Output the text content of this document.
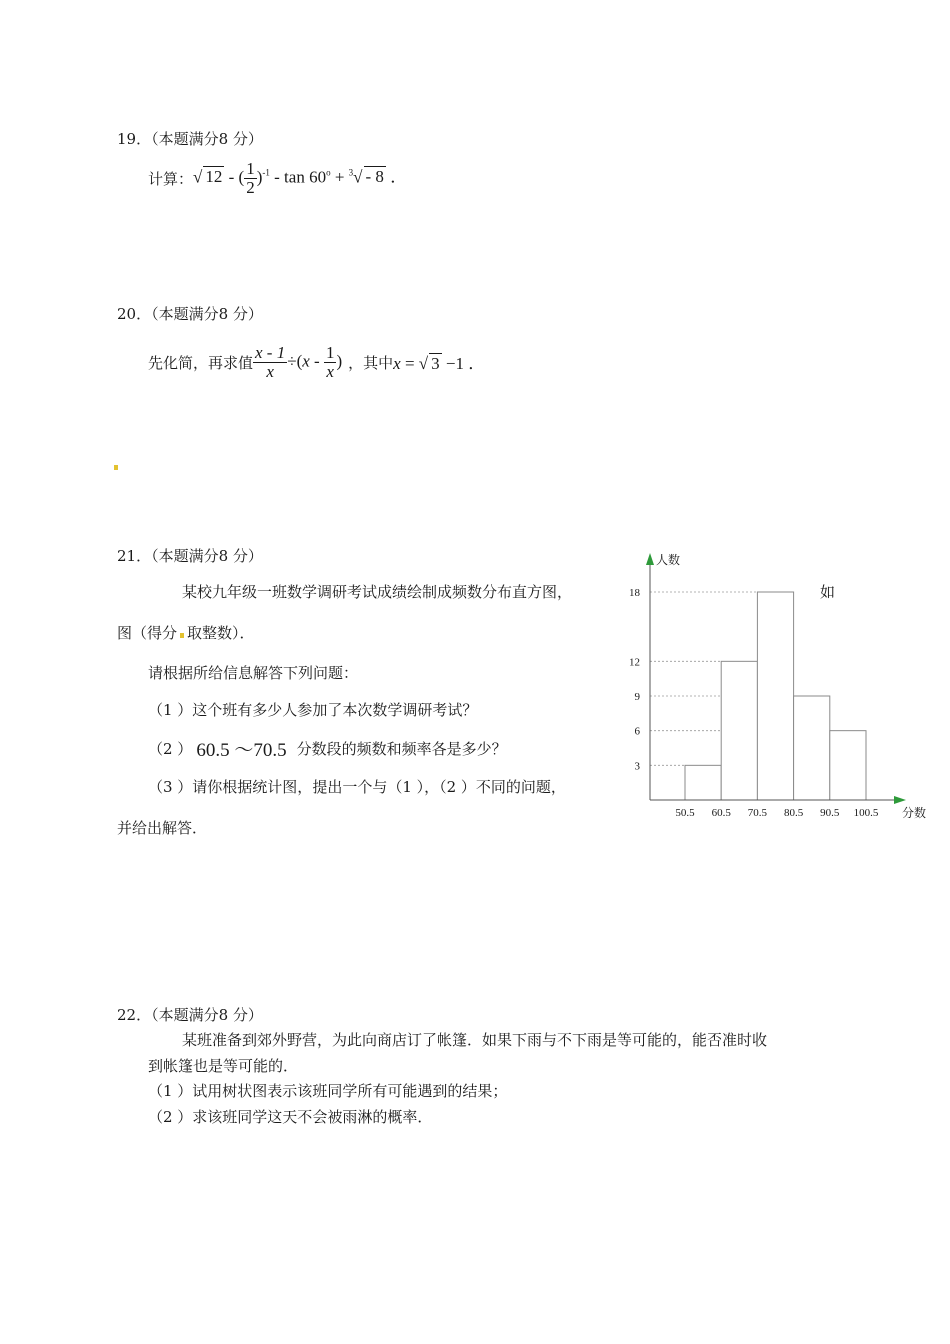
19．（本题满分8 分）
计算： √ 12 - ( $\frac{1}{2} )^{-1} - \tan 60^o + ^3√ - 8$ ．
20．（本题满分8 分）
先化简，再求值 $\frac{x - 1}{x} \div(x - \frac{1}{x}$ ) ，其中 x = √ 3 −1 ．
21．（本题满分8 分）
某校九年级一班数学调研考试成绩绘制成频数分布直方图，	如
图（得分 取整数）．
请根据所给信息解答下列问题：
（1 ）这个班有多少人参加了本次数学调研考试？
（2 ） 60.5 ～70.5 分数段的频数和频率各是多少？
（3 ）请你根据统计图，提出一个与（1 ），（2 ）不同的问题，
并给出解答．
3
6
9
12
18
50.5 60.5 70.5 80.5 90.5 100.5
人数
分数
22．（本题满分8 分）
某班准备到郊外野营，为此向商店订了帐篷．如果下雨与不下雨是等可能的，能否准时收
到帐篷也是等可能的．
（1 ）试用树状图表示该班同学所有可能遇到的结果；
（2 ）求该班同学这天不会被雨淋的概率．
